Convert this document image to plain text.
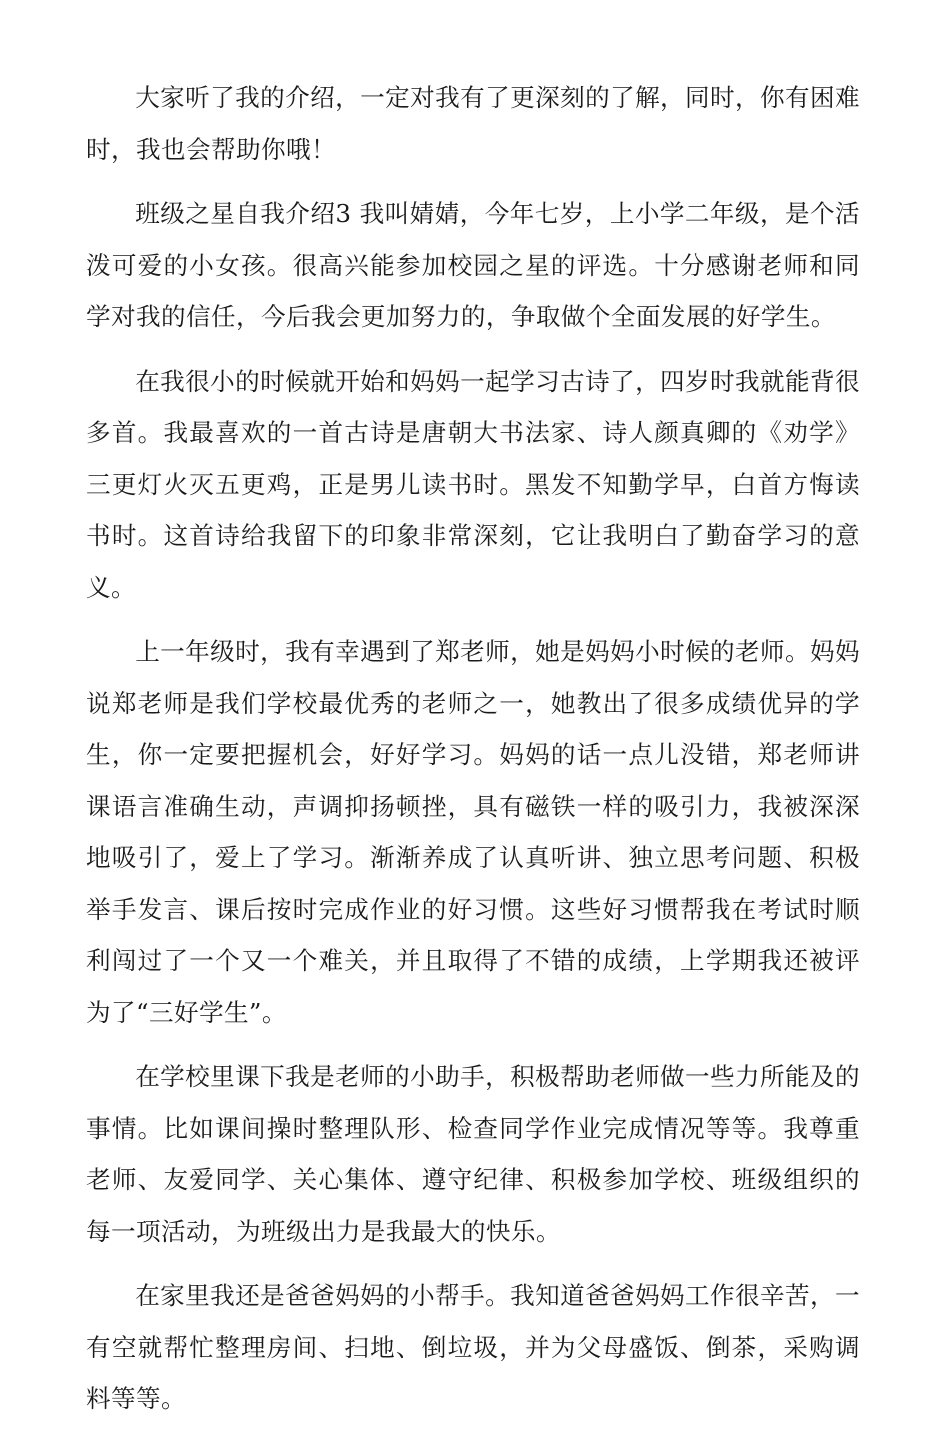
大家听了我的介绍，一定对我有了更深刻的了解，同时，你有困难时，我也会帮助你哦！

班级之星自我介绍3 我叫婧婧，今年七岁，上小学二年级，是个活泼可爱的小女孩。很高兴能参加校园之星的评选。十分感谢老师和同学对我的信任，今后我会更加努力的，争取做个全面发展的好学生。

在我很小的时候就开始和妈妈一起学习古诗了，四岁时我就能背很多首。我最喜欢的一首古诗是唐朝大书法家、诗人颜真卿的《劝学》三更灯火灭五更鸡，正是男儿读书时。黑发不知勤学早，白首方悔读书时。这首诗给我留下的印象非常深刻，它让我明白了勤奋学习的意义。

上一年级时，我有幸遇到了郑老师，她是妈妈小时候的老师。妈妈说郑老师是我们学校最优秀的老师之一，她教出了很多成绩优异的学生，你一定要把握机会，好好学习。妈妈的话一点儿没错，郑老师讲课语言准确生动，声调抑扬顿挫，具有磁铁一样的吸引力，我被深深地吸引了，爱上了学习。渐渐养成了认真听讲、独立思考问题、积极举手发言、课后按时完成作业的好习惯。这些好习惯帮我在考试时顺利闯过了一个又一个难关，并且取得了不错的成绩，上学期我还被评为了“三好学生”。

在学校里课下我是老师的小助手，积极帮助老师做一些力所能及的事情。比如课间操时整理队形、检查同学作业完成情况等等。我尊重老师、友爱同学、关心集体、遵守纪律、积极参加学校、班级组织的每一项活动，为班级出力是我最大的快乐。

在家里我还是爸爸妈妈的小帮手。我知道爸爸妈妈工作很辛苦，一有空就帮忙整理房间、扫地、倒垃圾，并为父母盛饭、倒茶，采购调料等等。
